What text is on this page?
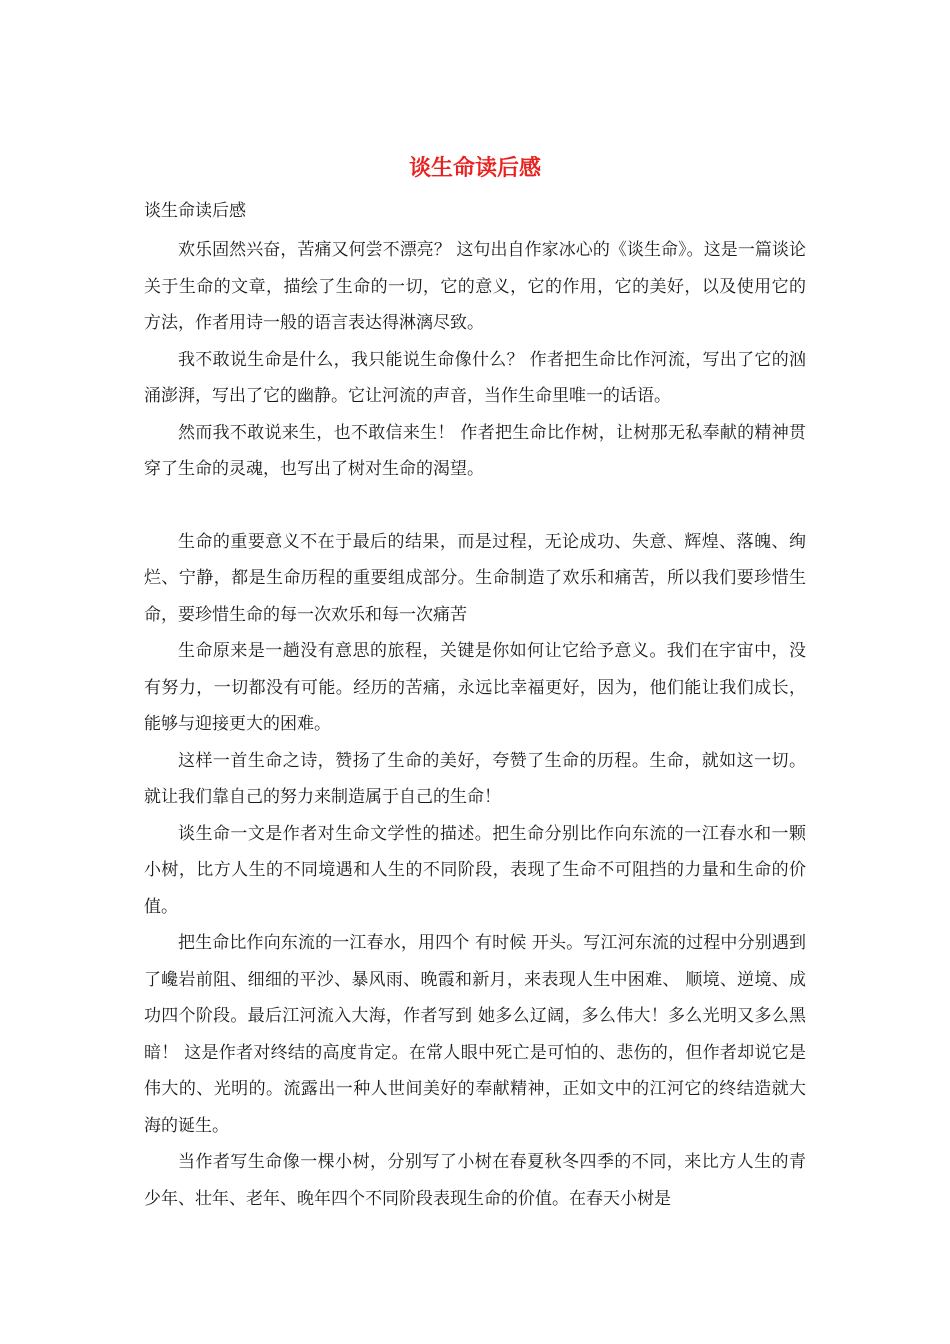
谈生命读后感
谈生命读后感

欢乐固然兴奋，苦痛又何尝不漂亮？ 这句出自作家冰心的《谈生命》。这是一篇谈论关于生命的文章，描绘了生命的一切，它的意义，它的作用，它的美好，以及使用它的方法，作者用诗一般的语言表达得淋漓尽致。

我不敢说生命是什么，我只能说生命像什么？ 作者把生命比作河流，写出了它的汹涌澎湃，写出了它的幽静。它让河流的声音，当作生命里唯一的话语。

然而我不敢说来生，也不敢信来生！ 作者把生命比作树，让树那无私奉献的精神贯穿了生命的灵魂，也写出了树对生命的渴望。

生命的重要意义不在于最后的结果，而是过程，无论成功、失意、辉煌、落魄、绚烂、宁静，都是生命历程的重要组成部分。生命制造了欢乐和痛苦，所以我们要珍惜生命，要珍惜生命的每一次欢乐和每一次痛苦

生命原来是一趟没有意思的旅程，关键是你如何让它给予意义。我们在宇宙中，没有努力，一切都没有可能。经历的苦痛，永远比幸福更好，因为，他们能让我们成长，能够与迎接更大的困难。

这样一首生命之诗，赞扬了生命的美好，夸赞了生命的历程。生命，就如这一切。就让我们靠自己的努力来制造属于自己的生命！

谈生命一文是作者对生命文学性的描述。把生命分别比作向东流的一江春水和一颗小树，比方人生的不同境遇和人生的不同阶段，表现了生命不可阻挡的力量和生命的价值。

把生命比作向东流的一江春水，用四个 有时候 开头。写江河东流的过程中分别遇到了巉岩前阻、细细的平沙、暴风雨、晚霞和新月，来表现人生中困难、 顺境、逆境、成功四个阶段。最后江河流入大海，作者写到 她多么辽阔，多么伟大！多么光明又多么黑暗！ 这是作者对终结的高度肯定。在常人眼中死亡是可怕的、悲伤的，但作者却说它是伟大的、光明的。流露出一种人世间美好的奉献精神，正如文中的江河它的终结造就大海的诞生。

当作者写生命像一棵小树，分别写了小树在春夏秋冬四季的不同，来比方人生的青少年、壮年、老年、晚年四个不同阶段表现生命的价值。在春天小树是
